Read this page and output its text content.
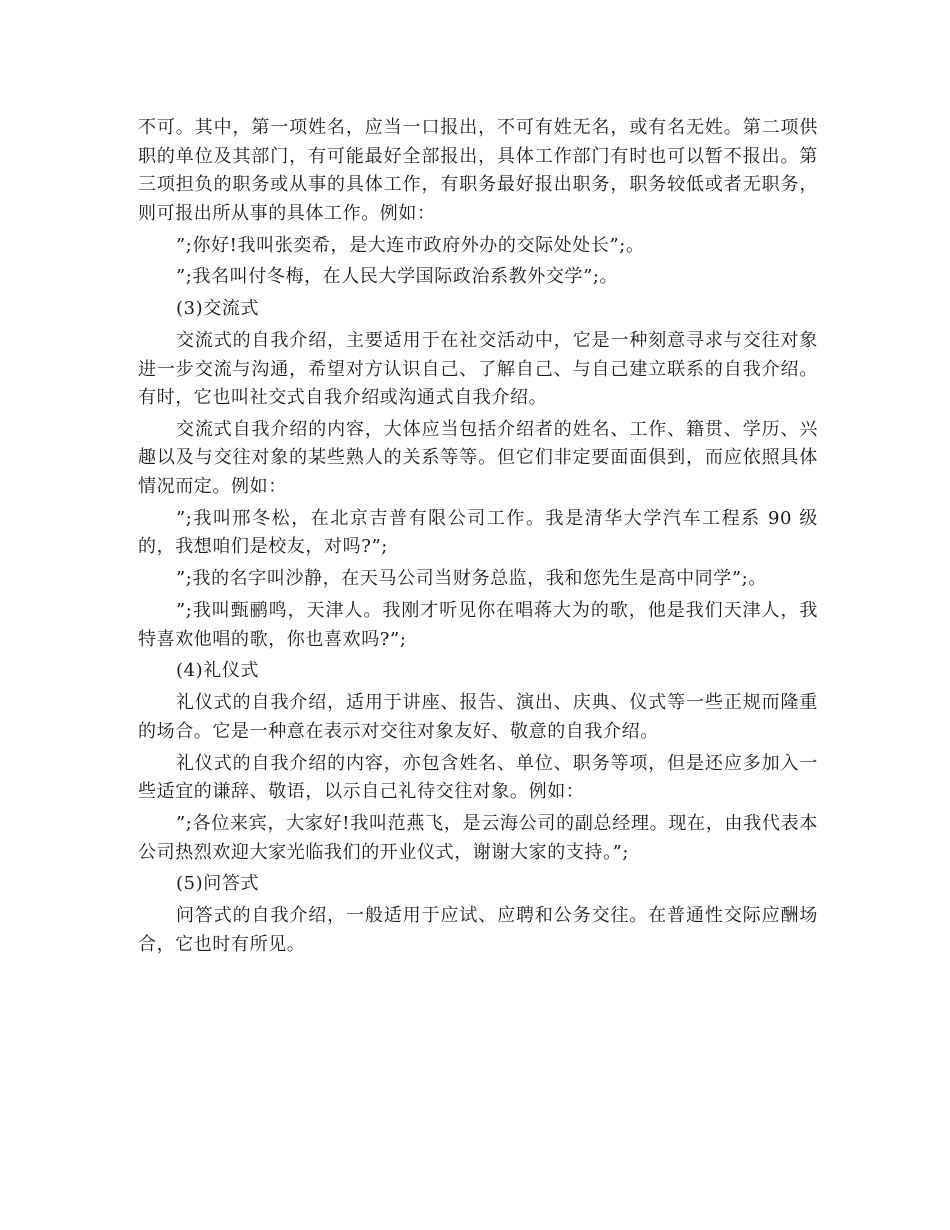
不可。其中，第一项姓名，应当一口报出，不可有姓无名，或有名无姓。第二项供职的单位及其部门，有可能最好全部报出，具体工作部门有时也可以暂不报出。第三项担负的职务或从事的具体工作，有职务最好报出职务，职务较低或者无职务，则可报出所从事的具体工作。例如：

”;你好!我叫张奕希，是大连市政府外办的交际处处长”;。

”;我名叫付冬梅，在人民大学国际政治系教外交学”;。

(3)交流式

交流式的自我介绍，主要适用于在社交活动中，它是一种刻意寻求与交往对象进一步交流与沟通，希望对方认识自己、了解自己、与自己建立联系的自我介绍。有时，它也叫社交式自我介绍或沟通式自我介绍。

交流式自我介绍的内容，大体应当包括介绍者的姓名、工作、籍贯、学历、兴趣以及与交往对象的某些熟人的关系等等。但它们非定要面面俱到，而应依照具体情况而定。例如：

”;我叫邢冬松，在北京吉普有限公司工作。我是清华大学汽车工程系 90 级的，我想咱们是校友，对吗?”;

”;我的名字叫沙静，在天马公司当财务总监，我和您先生是高中同学”;。

”;我叫甄鹂鸣，天津人。我刚才听见你在唱蒋大为的歌，他是我们天津人，我特喜欢他唱的歌，你也喜欢吗?”;

(4)礼仪式

礼仪式的自我介绍，适用于讲座、报告、演出、庆典、仪式等一些正规而隆重的场合。它是一种意在表示对交往对象友好、敬意的自我介绍。

礼仪式的自我介绍的内容，亦包含姓名、单位、职务等项，但是还应多加入一些适宜的谦辞、敬语，以示自己礼待交往对象。例如：

”;各位来宾，大家好!我叫范燕飞，是云海公司的副总经理。现在，由我代表本公司热烈欢迎大家光临我们的开业仪式，谢谢大家的支持。”;

(5)问答式

问答式的自我介绍，一般适用于应试、应聘和公务交往。在普通性交际应酬场合，它也时有所见。
